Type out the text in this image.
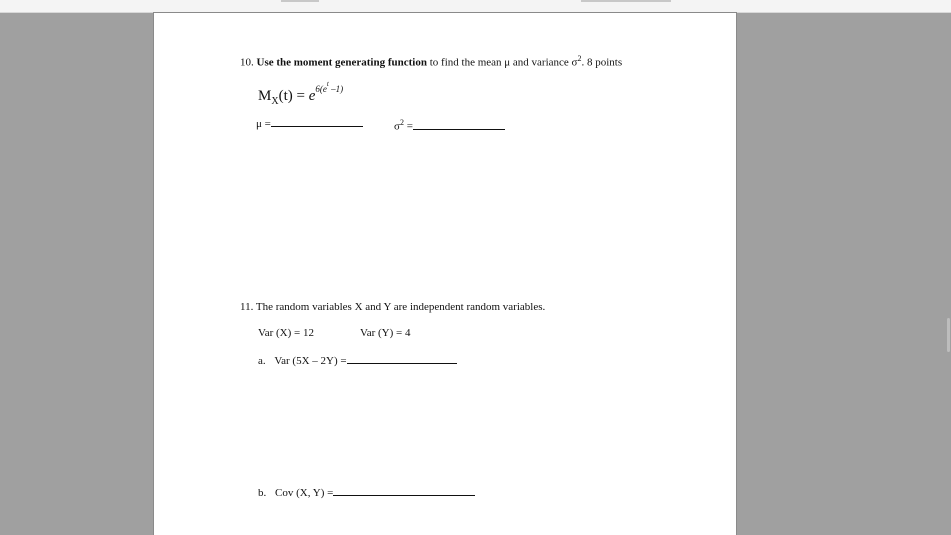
10. Use the moment generating function to find the mean μ and variance $\sigma^2$. 8 points
$M_X(t) = e^{6(e^t -1)}$
μ =	$\sigma^2$ =
11. The random variables X and Y are independent random variables.
Var (X) = 12	Var (Y) = 4
a. Var (5X – 2Y) =
b. Cov (X, Y) =
